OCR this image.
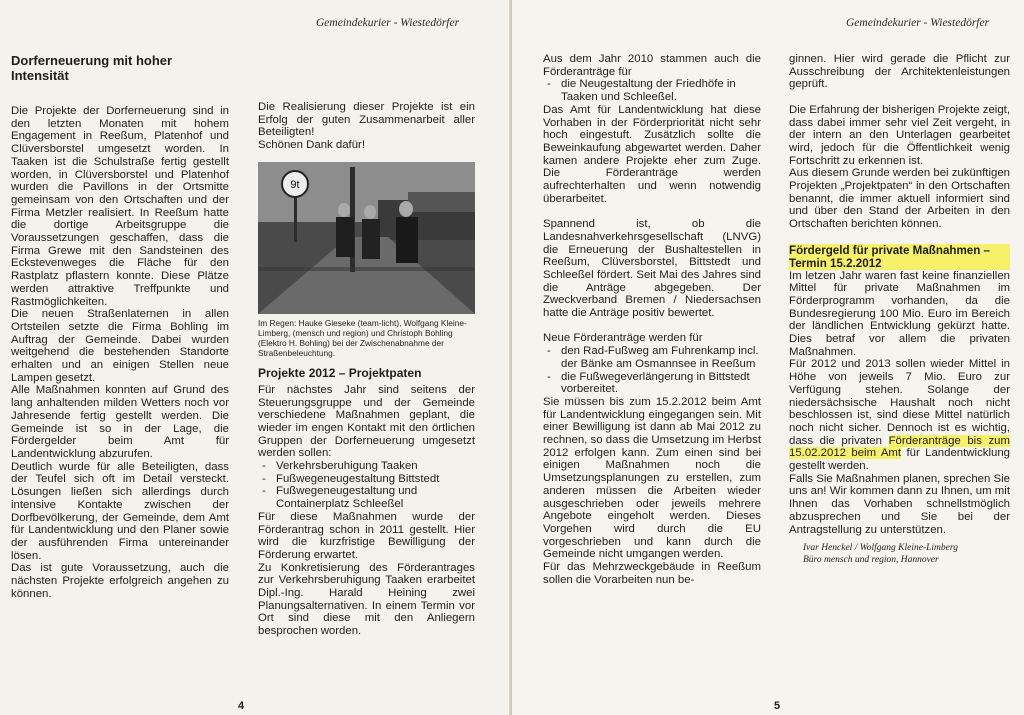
Gemeindekurier - Wiestedörfer
Dorferneuerung mit hoher
Intensität

Die Projekte der Dorferneuerung sind in den letzten Monaten mit hohem Engagement in Reeßum, Platenhof und Clüversborstel umgesetzt worden. In Taaken ist die Schulstraße fertig gestellt worden, in Clüversborstel und Platenhof wurden die Pavillons in der Ortsmitte gemeinsam von den Ortschaften und der Firma Metzler realisiert. In Reeßum hatte die dortige Arbeitsgruppe die Voraussetzungen geschaffen, dass die Firma Grewe mit den Sandsteinen des Eckstevenweges die Fläche für den Rastplatz pflastern konnte. Diese Plätze werden attraktive Treffpunkte und Rastmöglichkeiten.

Die neuen Straßenlaternen in allen Ortsteilen setzte die Firma Bohling im Auftrag der Gemeinde. Dabei wurden weitgehend die bestehenden Standorte erhalten und an einigen Stellen neue Lampen gesetzt.

Alle Maßnahmen konnten auf Grund des lang anhaltenden milden Wetters noch vor Jahresende fertig gestellt werden. Die Gemeinde ist so in der Lage, die Fördergelder beim Amt für Landentwicklung abzurufen.

Deutlich wurde für alle Beteiligten, dass der Teufel sich oft im Detail versteckt. Lösungen ließen sich allerdings durch intensive Kontakte zwischen der Dorfbevölkerung, der Gemeinde, dem Amt für Landentwicklung und den Planer sowie der ausführenden Firma untereinander lösen.

Das ist gute Voraussetzung, auch die nächsten Projekte erfolgreich angehen zu können.

Die Realisierung dieser Projekte ist ein Erfolg der guten Zusammenarbeit aller Beteiligten!

Schönen Dank dafür!

9t
Im Regen: Hauke Gieseke (team-licht), Wolfgang Kleine-Limberg, (mensch und region) und Christoph Bohling (Elektro H. Bohling) bei der Zwischenabnahme der Straßenbeleuchtung.
Projekte 2012 – Projektpaten

Für nächstes Jahr sind seitens der Steuerungsgruppe und der Gemeinde verschiedene Maßnahmen geplant, die wieder im engen Kontakt mit den örtlichen Gruppen der Dorferneuerung umgesetzt werden sollen:

- Verkehrsberuhigung Taaken
- Fußwegeneugestaltung Bittstedt
- Fußwegeneugestaltung und Containerplatz Schleeßel

Für diese Maßnahmen wurde der Förderantrag schon in 2011 gestellt. Hier wird die kurzfristige Bewilligung der Förderung erwartet.

Zu Konkretisierung des Förderantrages zur Verkehrsberuhigung Taaken erarbeitet Dipl.-Ing. Harald Heining zwei Planungsalternativen. In einem Termin vor Ort sind diese mit den Anliegern besprochen worden.

4
Gemeindekurier - Wiestedörfer

Aus dem Jahr 2010 stammen auch die Förderanträge für

- die Neugestaltung der Friedhöfe in Taaken und Schleeßel.

Das Amt für Landentwicklung hat diese Vorhaben in der Förderpriorität nicht sehr hoch eingestuft. Zusätzlich sollte die Beweinkaufung abgewartet werden. Daher kamen andere Projekte eher zum Zuge. Die Förderanträge werden aufrechterhalten und wenn notwendig überarbeitet.

Spannend ist, ob die Landesnahverkehrsgesellschaft (LNVG) die Erneuerung der Bushaltestellen in Reeßum, Clüversborstel, Bittstedt und Schleeßel fördert. Seit Mai des Jahres sind die Anträge abgegeben. Der Zweckverband Bremen / Niedersachsen hatte die Anträge positiv bewertet.

Neue Förderanträge werden für

- den Rad-Fußweg am Fuhrenkamp incl. der Bänke am Osmannsee in Reeßum
- die Fußwegeverlängerung in Bittstedt vorbereitet.

Sie müssen bis zum 15.2.2012 beim Amt für Landentwicklung eingegangen sein. Mit einer Bewilligung ist dann ab Mai 2012 zu rechnen, so dass die Umsetzung im Herbst 2012 erfolgen kann. Zum einen sind bei einigen Maßnahmen noch die Umsetzungsplanungen zu erstellen, zum anderen müssen die Arbeiten wieder ausgeschrieben oder jeweils mehrere Angebote eingeholt werden. Dieses Vorgehen wird durch die EU vorgeschrieben und kann durch die Gemeinde nicht umgangen werden.

Für das Mehrzweckgebäude in Reeßum sollen die Vorarbeiten nun be-

ginnen. Hier wird gerade die Pflicht zur Ausschreibung der Architektenleistungen geprüft.

Die Erfahrung der bisherigen Projekte zeigt, dass dabei immer sehr viel Zeit vergeht, in der intern an den Unterlagen gearbeitet wird, jedoch für die Öffentlichkeit wenig Fortschritt zu erkennen ist.

Aus diesem Grunde werden bei zukünftigen Projekten „Projektpaten“ in den Ortschaften benannt, die immer aktuell informiert sind und über den Stand der Arbeiten in den Ortschaften berichten können.

Fördergeld für private Maßnahmen – Termin 15.2.2012

Im letzen Jahr waren fast keine finanziellen Mittel für private Maßnahmen im Förderprogramm vorhanden, da die Bundesregierung 100 Mio. Euro im Bereich der ländlichen Entwicklung gekürzt hatte. Dies betraf vor allem die privaten Maßnahmen.

Für 2012 und 2013 sollen wieder Mittel in Höhe von jeweils 7 Mio. Euro zur Verfügung stehen. Solange der niedersächsische Haushalt noch nicht beschlossen ist, sind diese Mittel natürlich noch nicht sicher. Dennoch ist es wichtig, dass die privaten Förderanträge bis zum 15.02.2012 beim Amt für Landentwicklung gestellt werden.

Falls Sie Maßnahmen planen, sprechen Sie uns an! Wir kommen dann zu Ihnen, um mit Ihnen das Vorhaben schnellstmöglich abzusprechen und Sie bei der Antragstellung zu unterstützen.

Ivar Henckel / Wolfgang Kleine-Limberg
Büro mensch und region, Hannover
5
